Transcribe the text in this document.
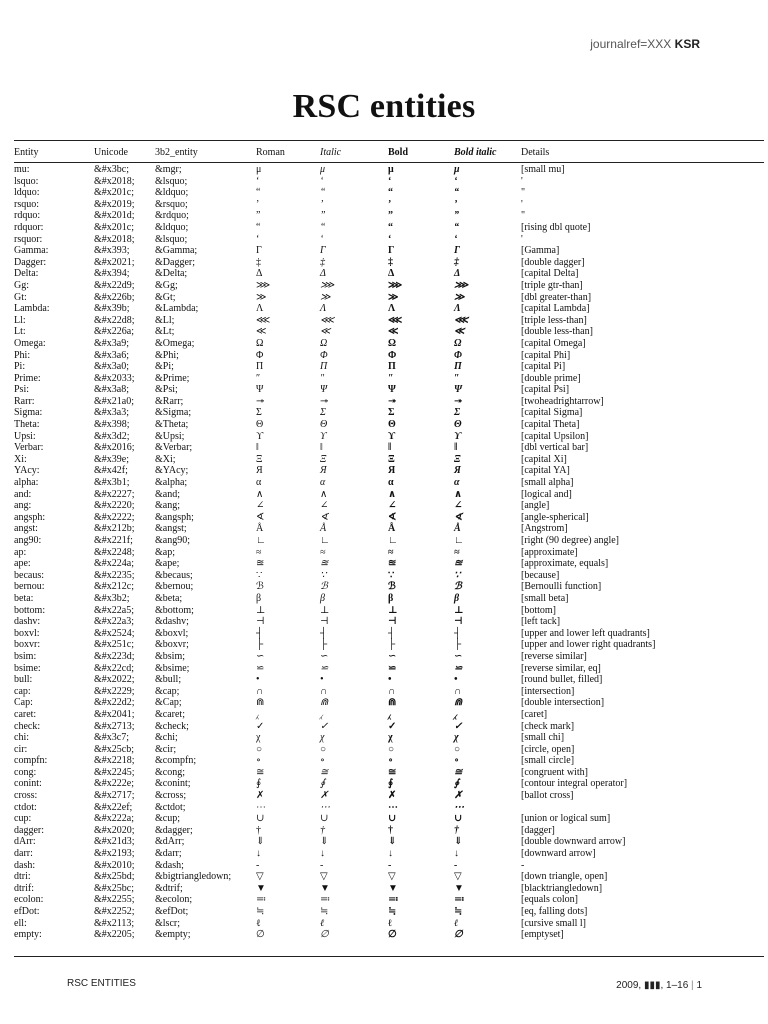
journalref=XXX KSR
RSC entities
Entity	Unicode	3b2_entity	Roman	Italic	Bold	Bold italic Details
mu:	&#x3bc;	&mgr;	μ	μ	μ	μ	[small mu]
lsquo:	&#x2018; &lsquo;	‘	‘	‘	‘	'
ldquo:	&#x201c; &ldquo;	“	“	“	“	"
rsquo:	&#x2019; &rsquo;	’	’	’	’	'
rdquo:	&#x201d; &rdquo;	”	”	”	”	"
rdquor:	&#x201c; &ldquo;	“	“	“	“	[rising dbl quote]
rsquor:	&#x2018; &lsquo;	‘	‘	‘	‘	'
Gamma:	&#x393;	&Gamma;	Γ	Γ	Γ	Γ	[Gamma]
Dagger:	&#x2021; &Dagger;	‡	‡	‡	‡	[double dagger]
Delta:	&#x394;	&Delta;	Δ	Δ	Δ	Δ	[capital Delta]
Gg:	&#x22d9; &Gg;	⋙	⋙	⋙	⋙	[triple gtr-than]
Gt:	&#x226b; &Gt;	≫	≫	≫	≫	[dbl greater-than]
Lambda:	&#x39b;	&Lambda;	Λ	Λ	Λ	Λ	[capital Lambda]
Ll:	&#x22d8; &Ll;	⋘	⋘	⋘	⋘	[triple less-than]
Lt:	&#x226a; &Lt;	≪	≪	≪	≪	[double less-than]
Omega:	&#x3a9;	&Omega;	Ω	Ω	Ω	Ω	[capital Omega]
Phi:	&#x3a6;	&Phi;	Φ	Φ	Φ	Φ	[capital Phi]
Pi:	&#x3a0;	&Pi;	Π	Π	Π	Π	[capital Pi]
Prime:	&#x2033; &Prime;	″	″	″	″	[double prime]
Psi:	&#x3a8;	&Psi;	Ψ	Ψ	Ψ	Ψ	[capital Psi]
Rarr:	&#x21a0; &Rarr;	↠	↠	↠	↠	[twoheadrightarrow]
Sigma:	&#x3a3;	&Sigma;	Σ	Σ	Σ	Σ	[capital Sigma]
Theta:	&#x398;	&Theta;	Θ	Θ	Θ	Θ	[capital Theta]
Upsi:	&#x3d2;	&Upsi;	ϒ	ϒ	ϒ	ϒ	[capital Upsilon]
Verbar:	&#x2016; &Verbar;	‖	‖	‖	‖	[dbl vertical bar]
Xi:	&#x39e;	&Xi;	Ξ	Ξ	Ξ	Ξ	[capital Xi]
YAcy:	&#x42f;	&YAcy;	Я	Я	Я	Я	[capital YA]
alpha:	&#x3b1;	&alpha;	α	α	α	α	[small alpha]
and:	&#x2227; &and;	∧	∧	∧	∧	[logical and]
ang:	&#x2220; &ang;	∠	∠	∠	∠	[angle]
angsph:	&#x2222; &angsph;	∢	∢	∢	∢	[angle-spherical]
angst:	&#x212b; &angst;	Å	Å	Å	Å	[Angstrom]
ang90:	&#x221f; &ang90;	∟	∟	∟	∟	[right (90 degree) angle]
ap:	&#x2248; &ap;	≈	≈	≈	≈	[approximate]
ape:	&#x224a; &ape;	≊	≊	≊	≊	[approximate, equals]
becaus:	&#x2235; &becaus;	∵	∵	∵	∵	[because]
bernou:	&#x212c; &bernou;	ℬ	ℬ	ℬ	ℬ	[Bernoulli function]
beta:	&#x3b2;	&beta;	β	β	β	β	[small beta]
bottom:	&#x22a5; &bottom;	⊥	⊥	⊥	⊥	[bottom]
dashv:	&#x22a3; &dashv;	⊣	⊣	⊣	⊣	[left tack]
boxvl:	&#x2524; &boxvl;	┤	┤	┤	┤	[upper and lower left quadrants]
boxvr:	&#x251c; &boxvr;	├	├	├	├	[upper and lower right quadrants]
bsim:	&#x223d; &bsim;	∽	∽	∽	∽	[reverse similar]
bsime:	&#x22cd; &bsime;	⋍	⋍	⋍	⋍	[reverse similar, eq]
bull:	&#x2022; &bull;	•	•	•	•	[round bullet, filled]
cap:	&#x2229; &cap;	∩	∩	∩	∩	[intersection]
Cap:	&#x22d2; &Cap;	⋒	⋒	⋒	⋒	[double intersection]
caret:	&#x2041; &caret;	⁁	⁁	⁁	⁁	[caret]
check:	&#x2713; &check;	✓	✓	✓	✓	[check mark]
chi:	&#x3c7;	&chi;	χ	χ	χ	χ	[small chi]
cir:	&#x25cb; &cir;	○	○	○	○	[circle, open]
compfn:	&#x2218; &compfn;	∘	∘	∘	∘	[small circle]
cong:	&#x2245; &cong;	≅	≅	≅	≅	[congruent with]
conint:	&#x222e; &conint;	∮	∮	∮	∮	[contour integral operator]
cross:	&#x2717; &cross;	✗	✗	✗	✗	[ballot cross]
ctdot:	&#x22ef; &ctdot;	⋯	⋯	⋯	⋯
cup:	&#x222a; &cup;	∪	∪	∪	∪	[union or logical sum]
dagger:	&#x2020; &dagger;	†	†	†	†	[dagger]
dArr:	&#x21d3; &dArr;	⇓	⇓	⇓	⇓	[double downward arrow]
darr:	&#x2193; &darr;	↓	↓	↓	↓	[downward arrow]
dash:	&#x2010; &dash;	‐	‐	‐	‐	-
dtri:	&#x25bd; &bigtriangledown; ▽	▽	▽	▽	[down triangle, open]
dtrif:	&#x25bc; &dtrif;	▼	▼	▼	▼	[blacktriangledown]
ecolon:	&#x2255; &ecolon;	≕	≕	≕	≕	[equals colon]
efDot:	&#x2252; &efDot;	≒	≒	≒	≒	[eq, falling dots]
ell:	&#x2113; &lscr;	ℓ	ℓ	ℓ	ℓ	[cursive small l]
empty:	&#x2205; &empty;	∅	∅	∅	∅	[emptyset]
RSC ENTITIES	2009, ▮▮▮, 1–16 | 1
